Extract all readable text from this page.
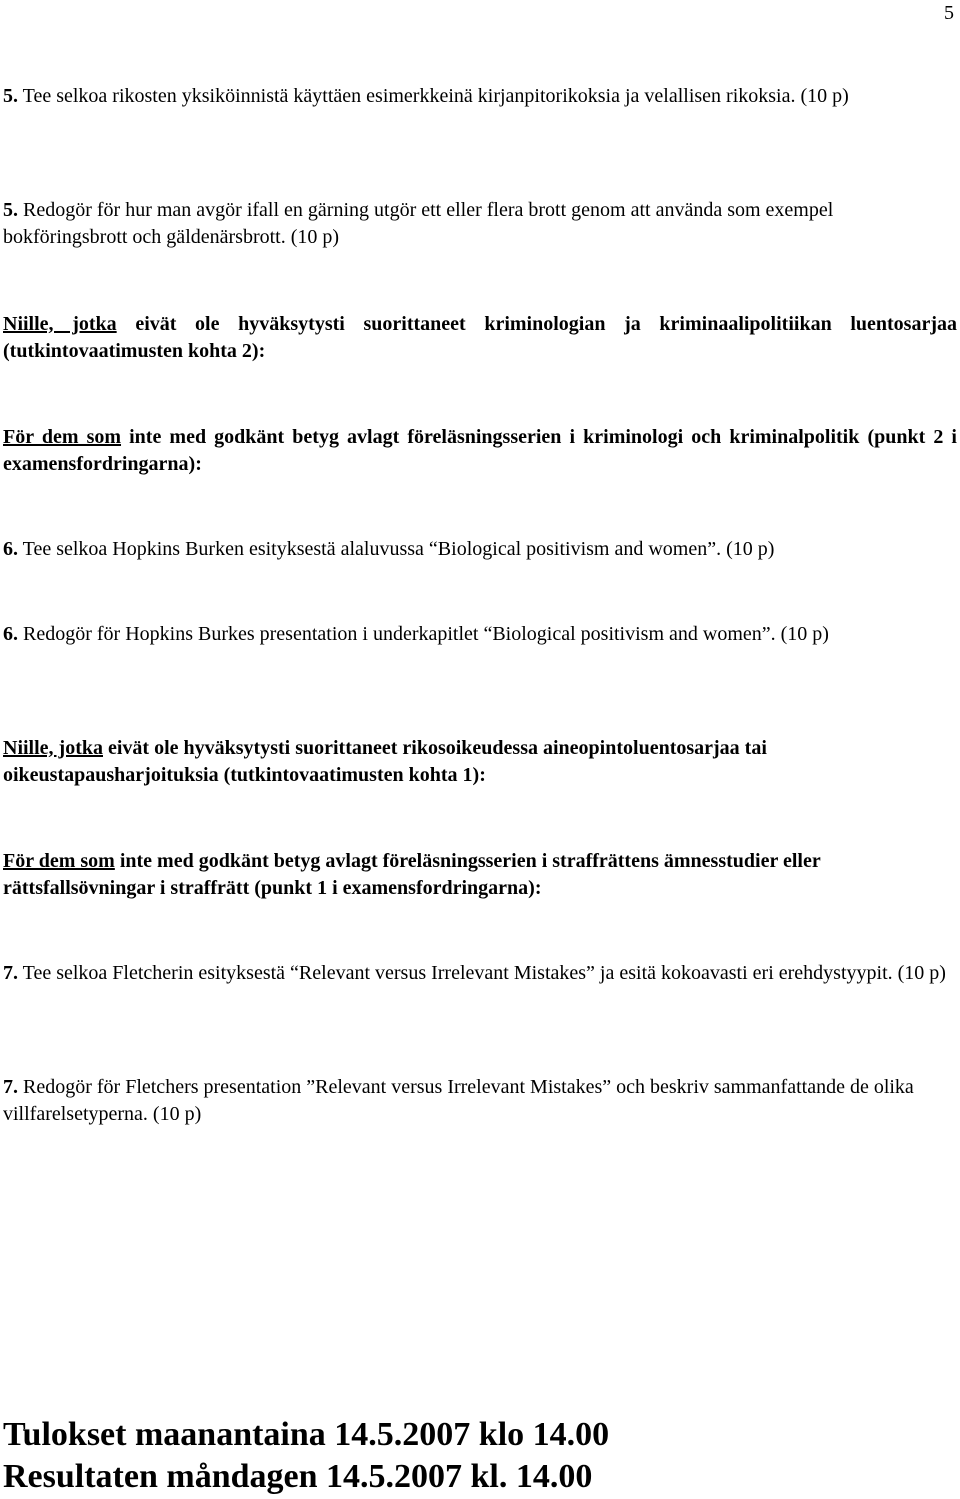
5

5. Tee selkoa rikosten yksiköinnistä käyttäen esimerkkeinä kirjanpitorikoksia ja velallisen rikoksia. (10 p)

5. Redogör för hur man avgör ifall en gärning utgör ett eller flera brott genom att använda som exempel bokföringsbrott och gäldenärsbrott. (10 p)

Niille, jotka eivät ole hyväksytysti suorittaneet kriminologian ja kriminaalipolitiikan luentosarjaa (tutkintovaatimusten kohta 2):

För dem som inte med godkänt betyg avlagt föreläsningsserien i kriminologi och kriminalpolitik (punkt 2 i examensfordringarna):

6. Tee selkoa Hopkins Burken esityksestä alaluvussa “Biological positivism and women”. (10 p)

6. Redogör för Hopkins Burkes presentation i underkapitlet “Biological positivism and women”. (10 p)

Niille, jotka eivät ole hyväksytysti suorittaneet rikosoikeudessa aineopintoluentosarjaa tai oikeustapausharjoituksia (tutkintovaatimusten kohta 1):

För dem som inte med godkänt betyg avlagt föreläsningsserien i straffrättens ämnesstudier eller rättsfallsövningar i straffrätt (punkt 1 i examensfordringarna):

7. Tee selkoa Fletcherin esityksestä “Relevant versus Irrelevant Mistakes” ja esitä kokoavasti eri erehdystyypit. (10 p)

7. Redogör för Fletchers presentation ”Relevant versus Irrelevant Mistakes” och beskriv sammanfattande de olika villfarelsetyperna. (10 p)

Tulokset maanantaina 14.5.2007 klo 14.00

Resultaten måndagen 14.5.2007 kl. 14.00
